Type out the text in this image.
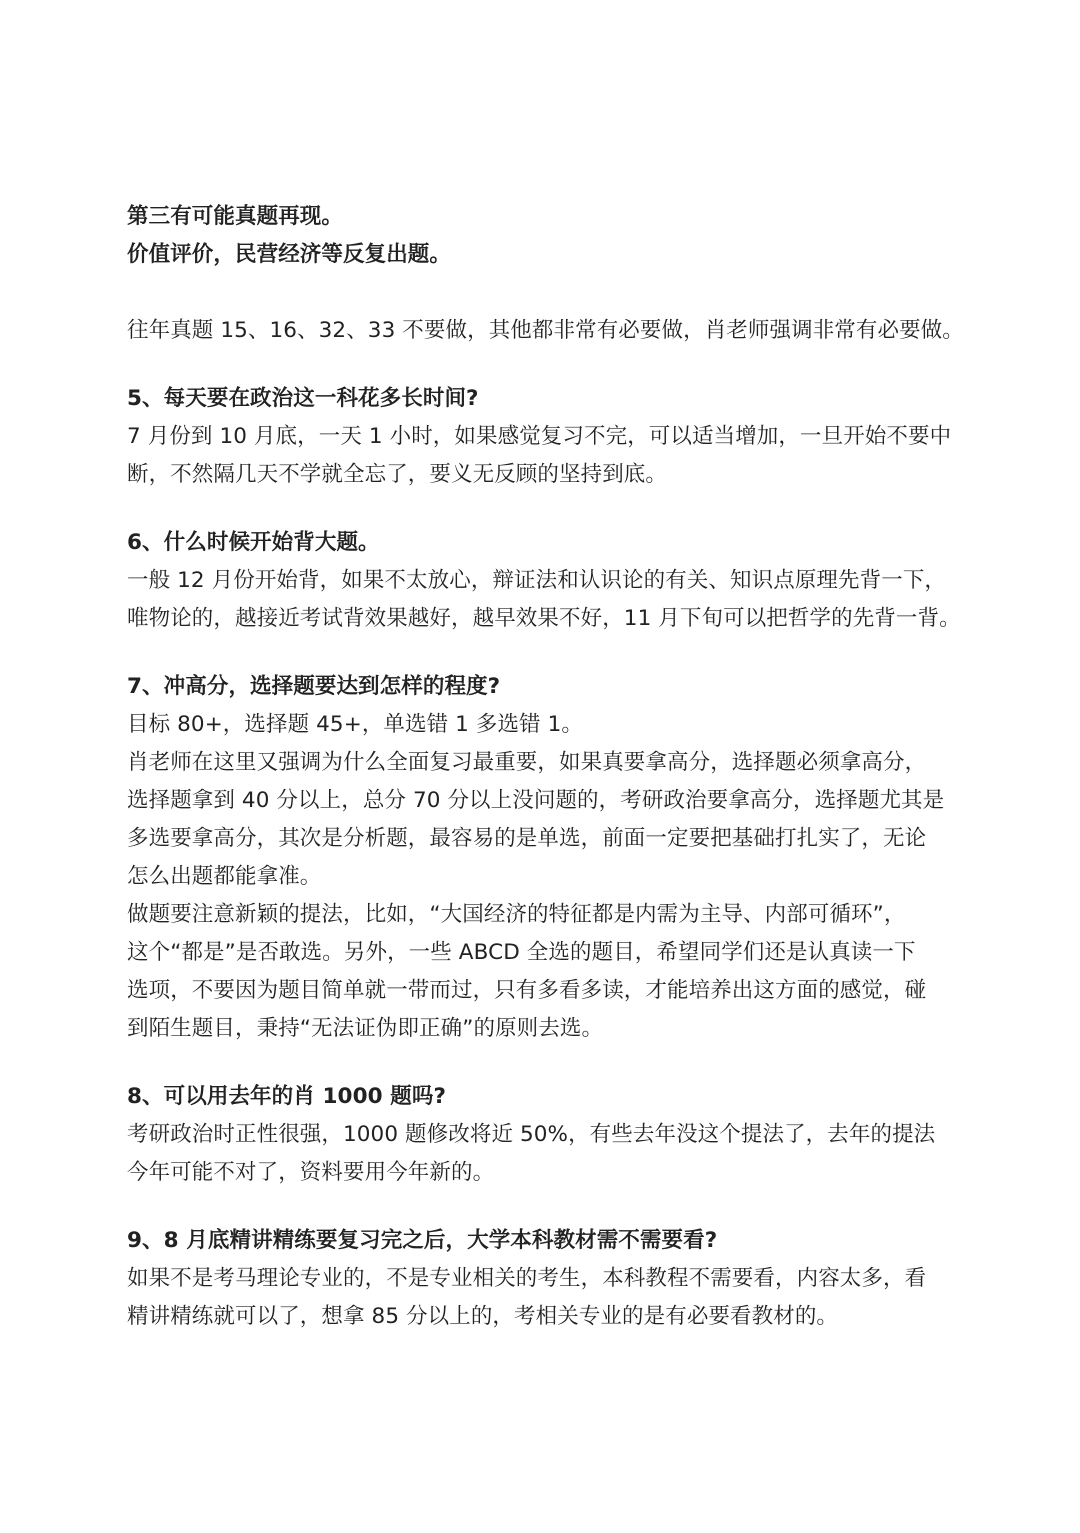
第三有可能真题再现。
价值评价，民营经济等反复出题。
往年真题 15、16、32、33 不要做，其他都非常有必要做，肖老师强调非常有必要做。
5、每天要在政治这一科花多长时间?
7 月份到 10 月底，一天 1 小时，如果感觉复习不完，可以适当增加，一旦开始不要中
断，不然隔几天不学就全忘了，要义无反顾的坚持到底。
6、什么时候开始背大题。
一般 12 月份开始背，如果不太放心，辩证法和认识论的有关、知识点原理先背一下，
唯物论的，越接近考试背效果越好，越早效果不好，11 月下旬可以把哲学的先背一背。
7、冲高分，选择题要达到怎样的程度?
目标 80+，选择题 45+，单选错 1 多选错 1。
肖老师在这里又强调为什么全面复习最重要，如果真要拿高分，选择题必须拿高分，
选择题拿到 40 分以上，总分 70 分以上没问题的，考研政治要拿高分，选择题尤其是
多选要拿高分，其次是分析题，最容易的是单选，前面一定要把基础打扎实了，无论
怎么出题都能拿准。
做题要注意新颖的提法，比如，“大国经济的特征都是内需为主导、内部可循环”，
这个“都是”是否敢选。另外，一些 ABCD 全选的题目，希望同学们还是认真读一下
选项，不要因为题目简单就一带而过，只有多看多读，才能培养出这方面的感觉，碰
到陌生题目，秉持“无法证伪即正确”的原则去选。
8、可以用去年的肖 1000 题吗?
考研政治时正性很强，1000 题修改将近 50%，有些去年没这个提法了，去年的提法
今年可能不对了，资料要用今年新的。
9、8 月底精讲精练要复习完之后，大学本科教材需不需要看?
如果不是考马理论专业的，不是专业相关的考生，本科教程不需要看，内容太多，看
精讲精练就可以了，想拿 85 分以上的，考相关专业的是有必要看教材的。
